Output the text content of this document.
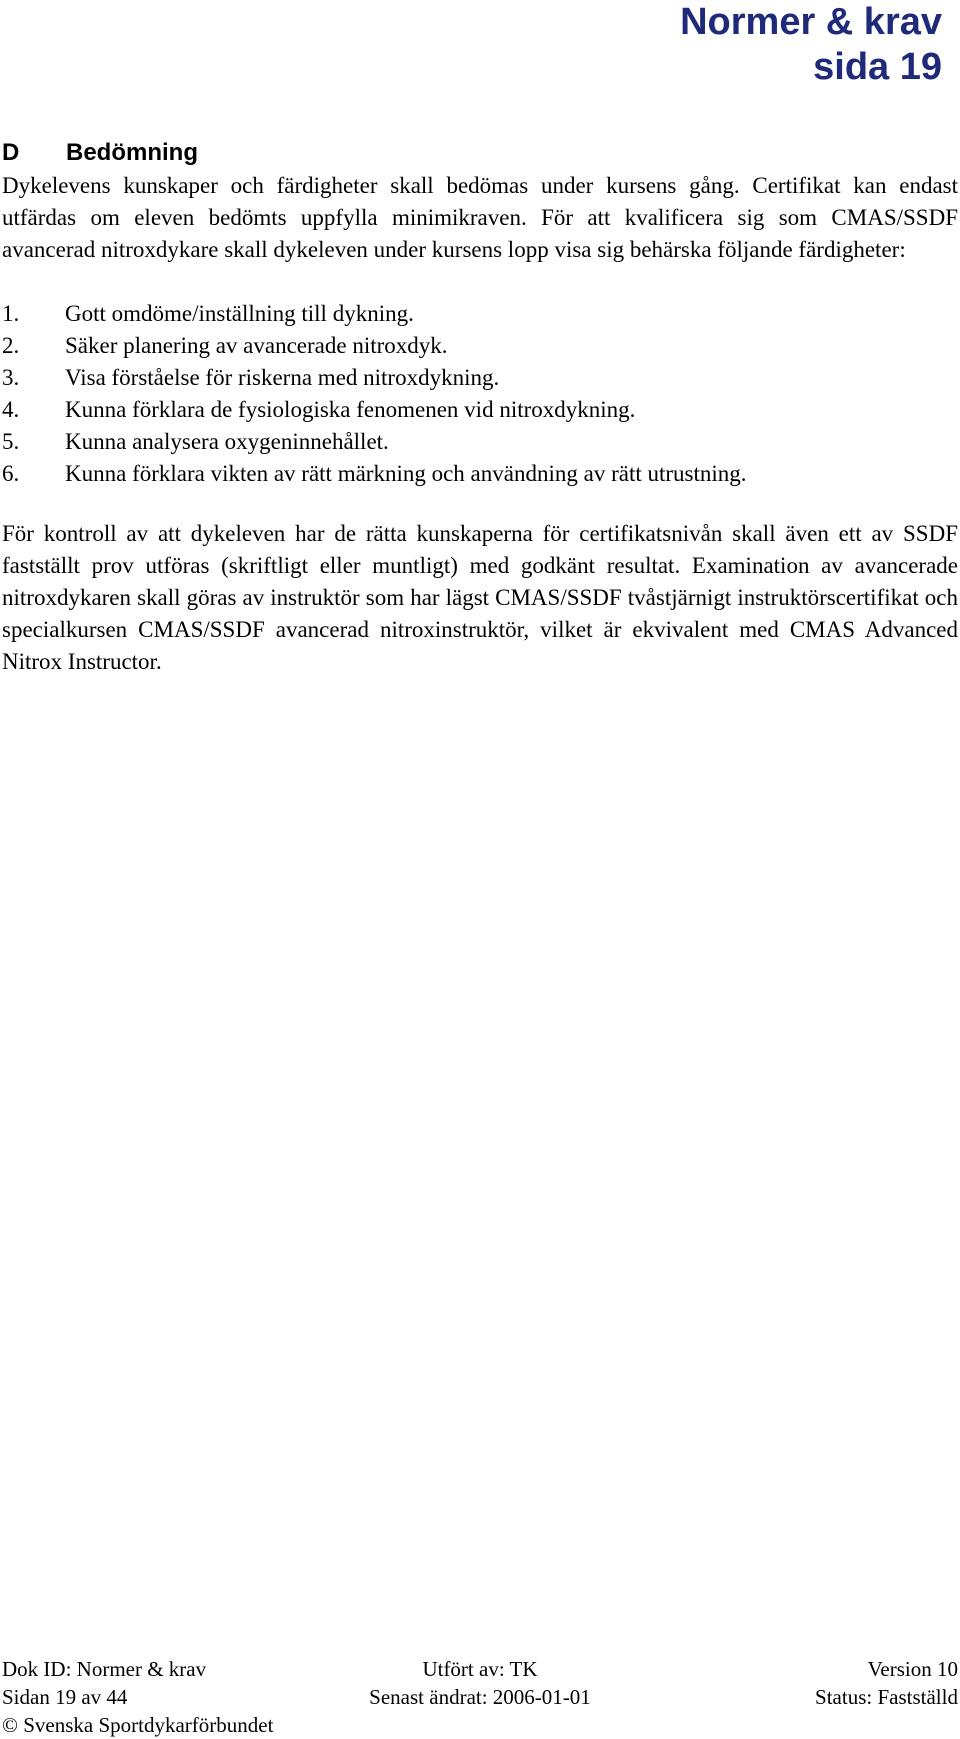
Normer & krav
sida 19
D Bedömning

Dykelevens kunskaper och färdigheter skall bedömas under kursens gång. Certifikat kan endast utfärdas om eleven bedömts uppfylla minimikraven. För att kvalificera sig som CMAS/SSDF avancerad nitroxdykare skall dykeleven under kursens lopp visa sig behärska följande färdigheter:

1.	Gott omdöme/inställning till dykning.
2.	Säker planering av avancerade nitroxdyk.
3.	Visa förståelse för riskerna med nitroxdykning.
4.	Kunna förklara de fysiologiska fenomenen vid nitroxdykning.
5.	Kunna analysera oxygeninnehållet.
6.	Kunna förklara vikten av rätt märkning och användning av rätt utrustning.

För kontroll av att dykeleven har de rätta kunskaperna för certifikatsnivån skall även ett av SSDF fastställt prov utföras (skriftligt eller muntligt) med godkänt resultat. Examination av avancerade nitroxdykaren skall göras av instruktör som har lägst CMAS/SSDF tvåstjärnigt instruktörscertifikat och specialkursen CMAS/SSDF avancerad nitroxinstruktör, vilket är ekvivalent med CMAS Advanced Nitrox Instructor.

Dok ID: Normer & krav	Utfört av: TK	Version 10
Sidan 19 av 44	Senast ändrat: 2006-01-01	Status: Fastställd
© Svenska Sportdykarförbundet
